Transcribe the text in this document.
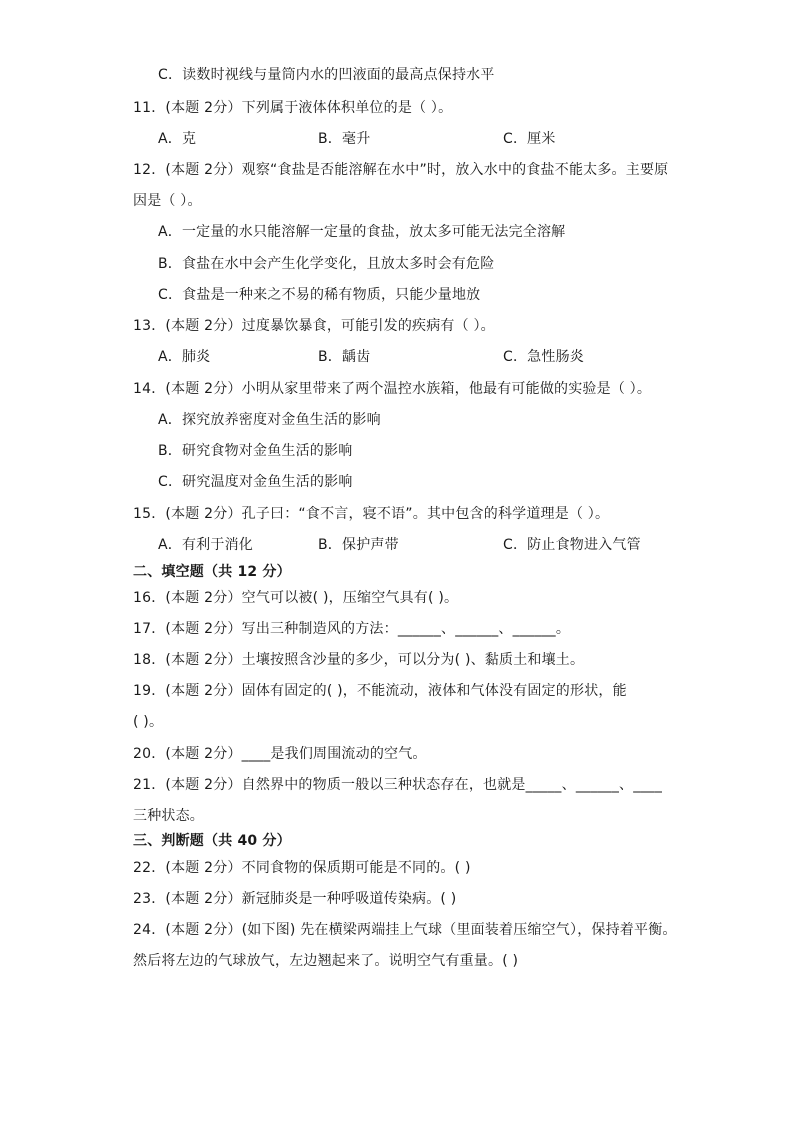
C．读数时视线与量筒内水的凹液面的最高点保持水平
11．(本题 2分）下列属于液体体积单位的是（ ）。
A．克	B．毫升	C．厘米
12．(本题 2分）观察“食盐是否能溶解在水中”时，放入水中的食盐不能太多。主要原
因是（ ）。
A．一定量的水只能溶解一定量的食盐，放太多可能无法完全溶解
B．食盐在水中会产生化学变化，且放太多时会有危险
C．食盐是一种来之不易的稀有物质，只能少量地放
13．(本题 2分）过度暴饮暴食，可能引发的疾病有（ ）。
A．肺炎	B．龋齿	C．急性肠炎
14．(本题 2分）小明从家里带来了两个温控水族箱，他最有可能做的实验是（ ）。
A．探究放养密度对金鱼生活的影响
B．研究食物对金鱼生活的影响
C．研究温度对金鱼生活的影响
15．(本题 2分）孔子曰：“食不言，寝不语”。其中包含的科学道理是（ ）。
A．有利于消化	B．保护声带	C．防止食物进入气管
二、填空题（共 12 分）
16．(本题 2分）空气可以被( )，压缩空气具有( )。
17．(本题 2分）写出三种制造风的方法：______、______、______。
18．(本题 2分）土壤按照含沙量的多少，可以分为( )、黏质土和壤土。
19．(本题 2分）固体有固定的( )，不能流动，液体和气体没有固定的形状，能
( )。
20．(本题 2分）____是我们周围流动的空气。
21．(本题 2分）自然界中的物质一般以三种状态存在，也就是_____、______、____
三种状态。
三、判断题（共 40 分）
22．(本题 2分）不同食物的保质期可能是不同的。( )
23．(本题 2分）新冠肺炎是一种呼吸道传染病。( )
24．(本题 2分）(如下图) 先在横梁两端挂上气球（里面装着压缩空气），保持着平衡。
然后将左边的气球放气，左边翘起来了。说明空气有重量。( )
